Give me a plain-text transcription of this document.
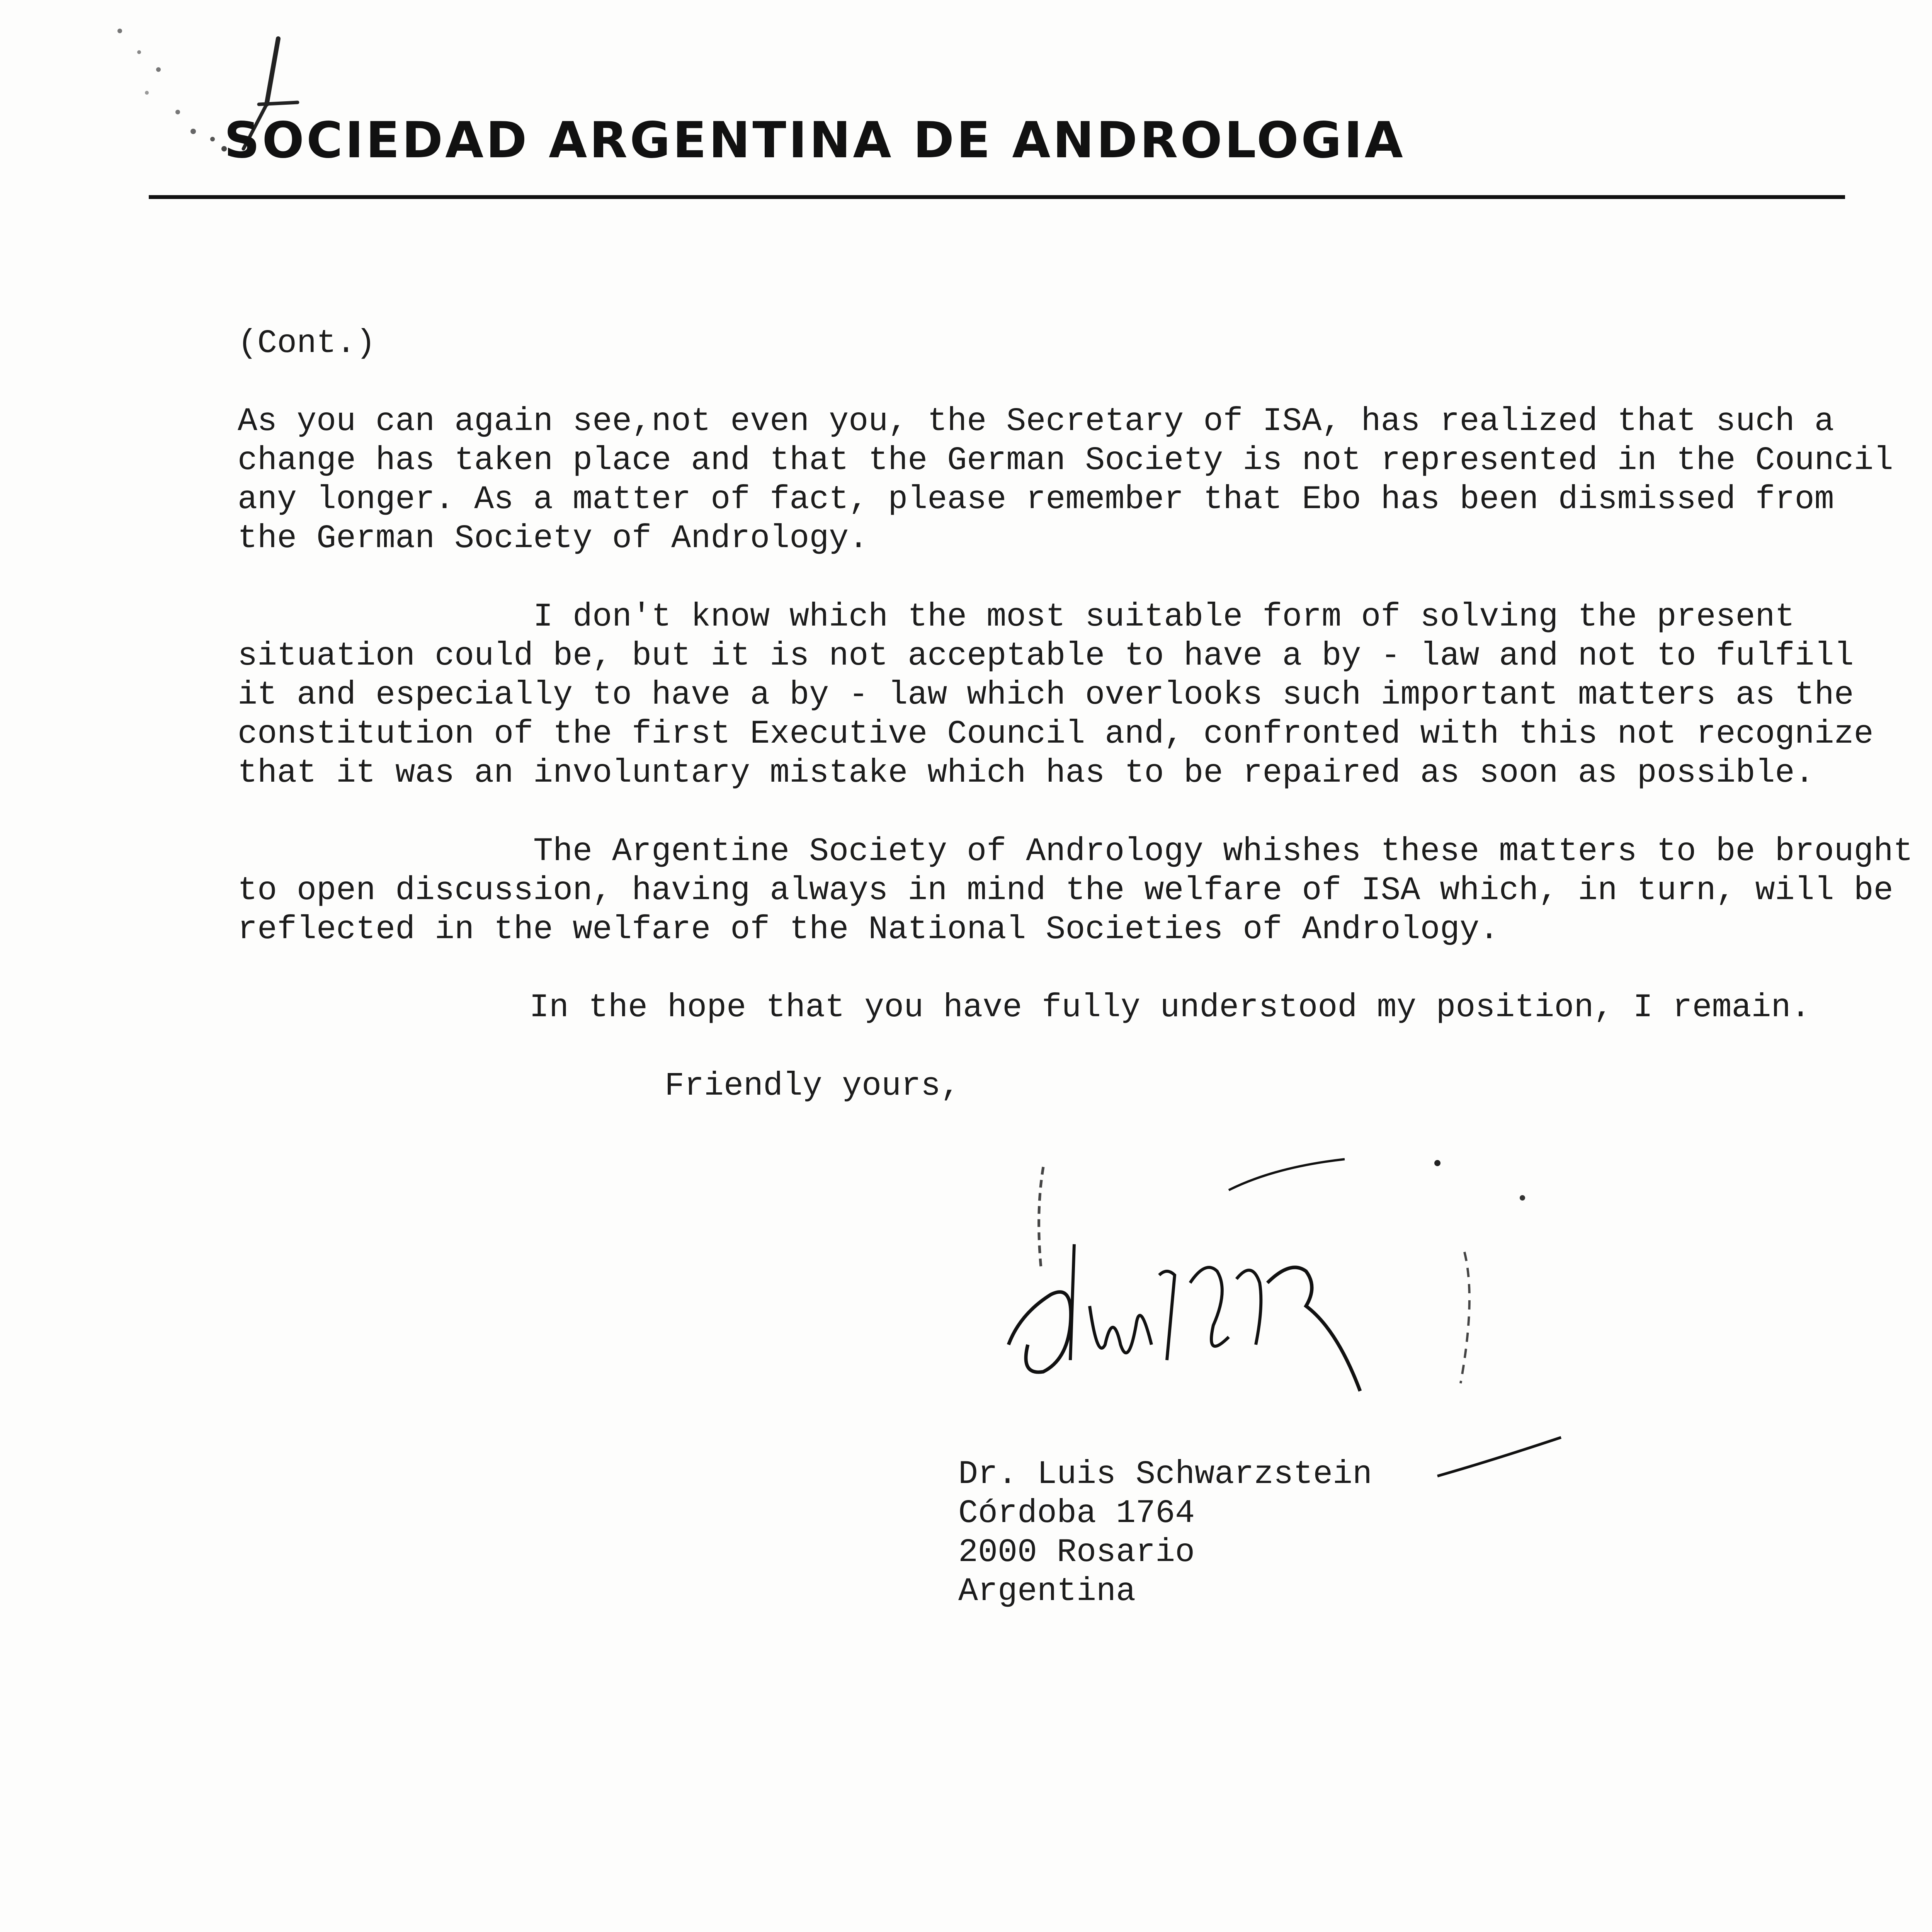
SOCIEDAD ARGENTINA DE ANDROLOGIA
(Cont.)
As you can again see,not even you, the Secretary of ISA, has realized that such a
change has taken place and that the German Society is not represented in the Council
any longer. As a matter of fact, please remember that Ebo has been dismissed from
the German Society of Andrology.
I don't know which the most suitable form of solving the present
situation could be, but it is not acceptable to have a by - law and not to fulfill
it and especially to have a by - law which overlooks such important matters as the
constitution of the first Executive Council and, confronted with this not recognize
that it was an involuntary mistake which has to be repaired as soon as possible.
The Argentine Society of Andrology whishes these matters to be brought
to open discussion, having always in mind the welfare of ISA which, in turn, will be
reflected in the welfare of the National Societies of Andrology.
In the hope that you have fully understood my position, I remain.
Friendly yours,
Dr. Luis Schwarzstein
Córdoba 1764
2000 Rosario
Argentina
